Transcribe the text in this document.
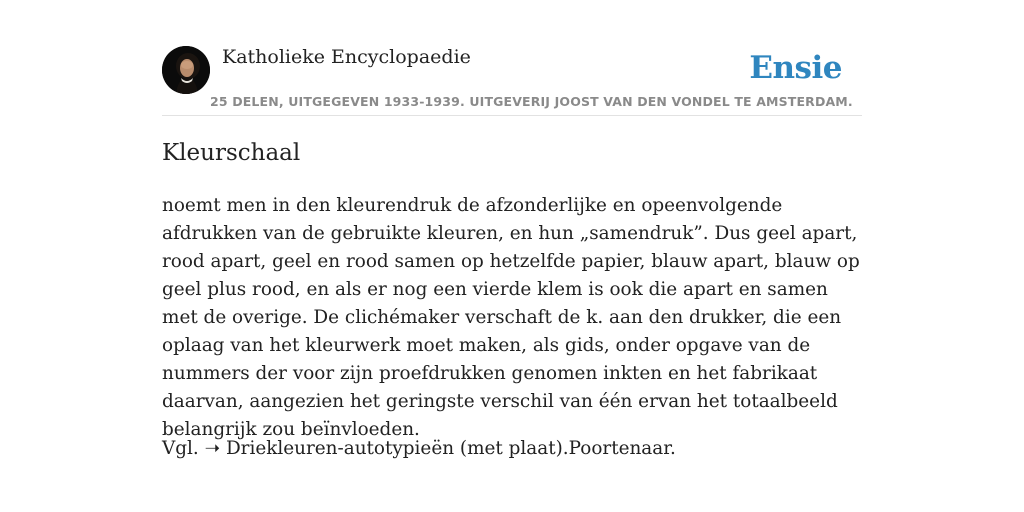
Katholieke Encyclopaedie
25 DELEN, UITGEGEVEN 1933-1939. UITGEVERIJ JOOST VAN DEN VONDEL TE AMSTERDAM.
Ensie
Kleurschaal

noemt men in den kleurendruk de afzonderlijke en opeenvolgende afdrukken van de gebruikte kleuren, en hun „samendruk”. Dus geel apart, rood apart, geel en rood samen op hetzelfde papier, blauw apart, blauw op geel plus rood, en als er nog een vierde klem is ook die apart en samen met de overige. De clichémaker verschaft de k. aan den drukker, die een oplaag van het kleurwerk moet maken, als gids, onder opgave van de nummers der voor zijn proefdrukken genomen inkten en het fabrikaat daarvan, aangezien het geringste verschil van één ervan het totaalbeeld belangrijk zou beïnvloeden.

Vgl. ➝ Driekleuren-autotypieën (met plaat).Poortenaar.
